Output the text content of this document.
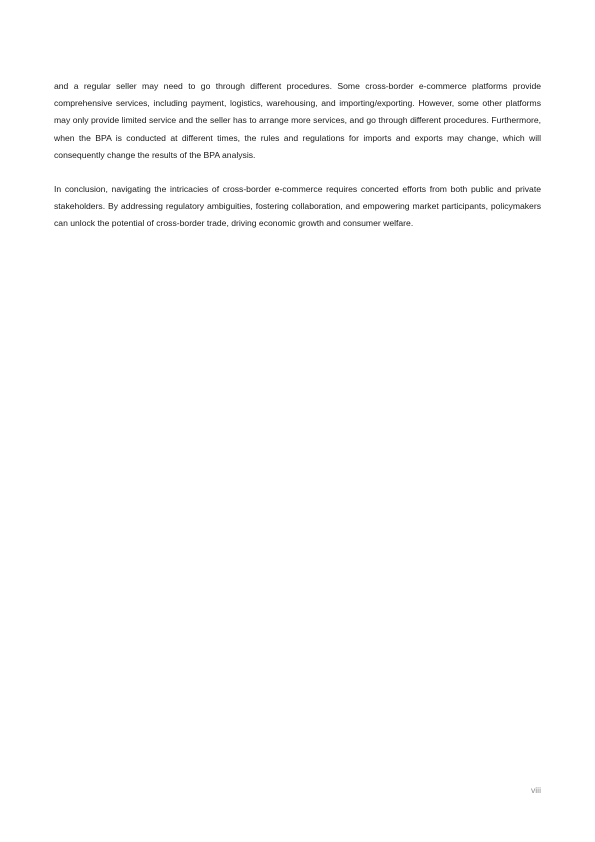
and a regular seller may need to go through different procedures. Some cross-border e-commerce platforms provide comprehensive services, including payment, logistics, warehousing, and importing/exporting. However, some other platforms may only provide limited service and the seller has to arrange more services, and go through different procedures. Furthermore, when the BPA is conducted at different times, the rules and regulations for imports and exports may change, which will consequently change the results of the BPA analysis.

In conclusion, navigating the intricacies of cross-border e-commerce requires concerted efforts from both public and private stakeholders. By addressing regulatory ambiguities, fostering collaboration, and empowering market participants, policymakers can unlock the potential of cross-border trade, driving economic growth and consumer welfare.

viii
